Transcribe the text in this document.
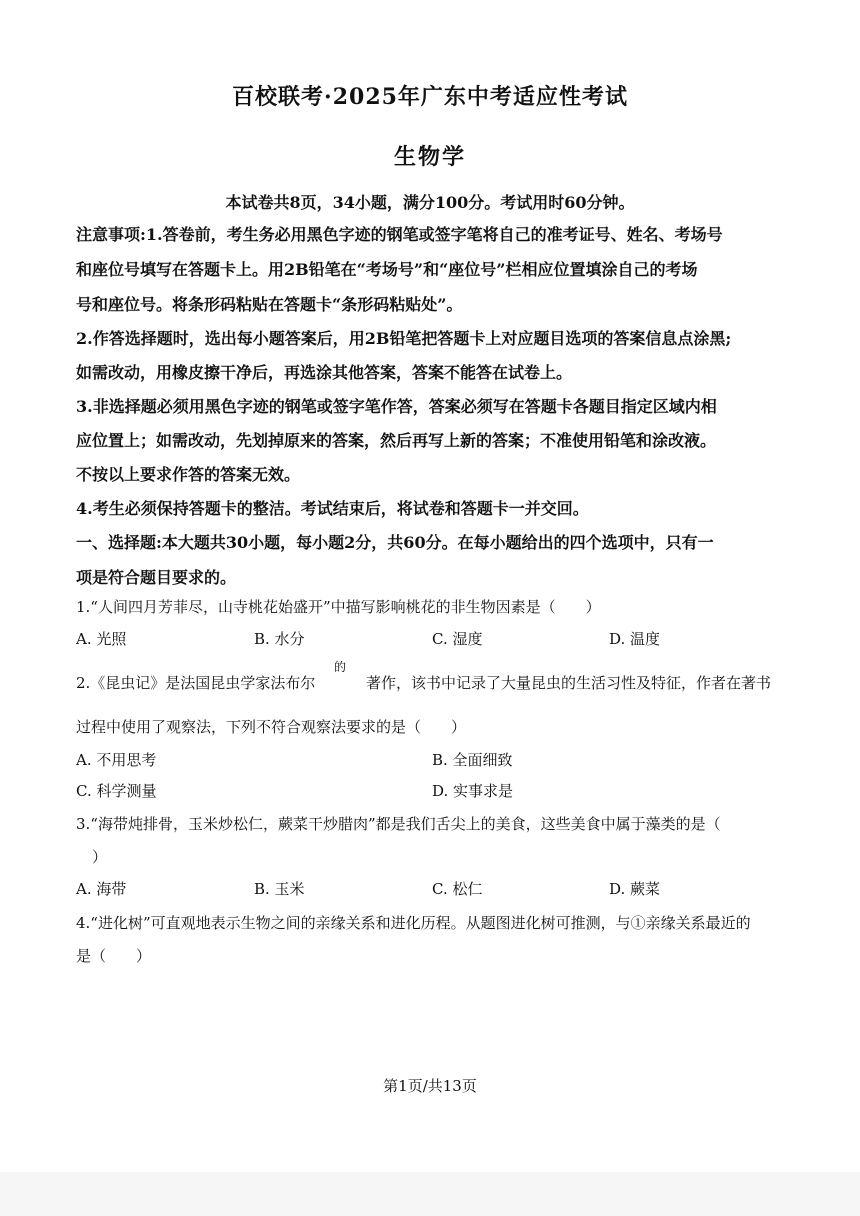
百校联考·2025年广东中考适应性考试
生物学
本试卷共8页，34小题，满分100分。考试用时60分钟。
注意事项:1.答卷前，考生务必用黑色字迹的钢笔或签字笔将自己的准考证号、姓名、考场号
和座位号填写在答题卡上。用2B铅笔在“考场号”和“座位号”栏相应位置填涂自己的考场
号和座位号。将条形码粘贴在答题卡“条形码粘贴处”。
2.作答选择题时，选出每小题答案后，用2B铅笔把答题卡上对应题目选项的答案信息点涂黑;
如需改动，用橡皮擦干净后，再选涂其他答案，答案不能答在试卷上。
3.非选择题必须用黑色字迹的钢笔或签字笔作答，答案必须写在答题卡各题目指定区域内相
应位置上；如需改动，先划掉原来的答案，然后再写上新的答案；不准使用铅笔和涂改液。
不按以上要求作答的答案无效。
4.考生必须保持答题卡的整洁。考试结束后，将试卷和答题卡一并交回。
一、选择题:本大题共30小题，每小题2分，共60分。在每小题给出的四个选项中，只有一
项是符合题目要求的。
1.“人间四月芳菲尽，山寺桃花始盛开”中描写影响桃花的非生物因素是（　　）
A. 光照	B. 水分	C. 湿度	D. 温度
2.《昆虫记》是法国昆虫学家法布尔
的
著作，该书中记录了大量昆虫的生活习性及特征，作者在著书
过程中使用了观察法，下列不符合观察法要求的是（　　）
A. 不用思考	B. 全面细致
C. 科学测量	D. 实事求是
3.“海带炖排骨，玉米炒松仁，蕨菜干炒腊肉”都是我们舌尖上的美食，这些美食中属于藻类的是（
）
A. 海带	B. 玉米	C. 松仁	D. 蕨菜
4.“进化树”可直观地表示生物之间的亲缘关系和进化历程。从题图进化树可推测，与①亲缘关系最近的
是（　　）
第1页/共13页
